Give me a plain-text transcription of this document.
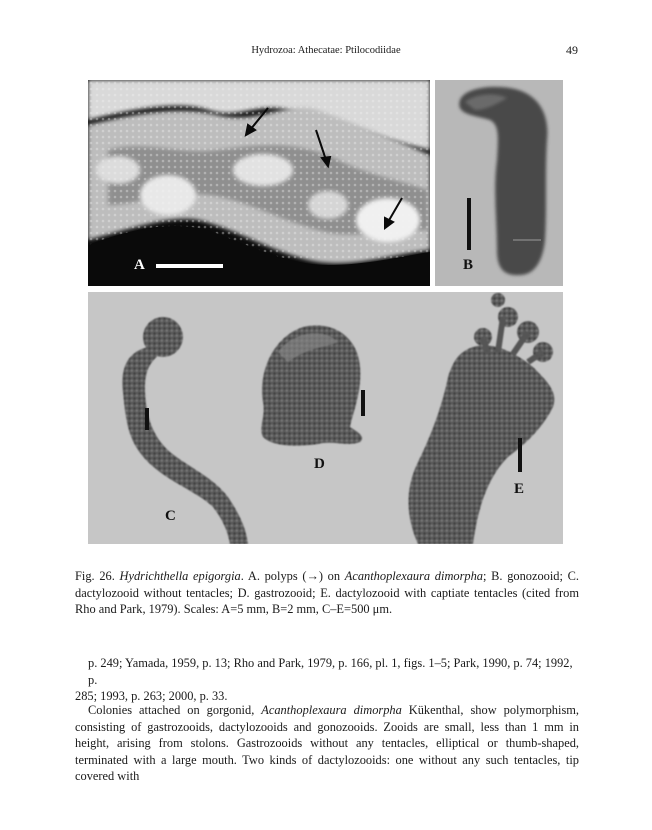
Hydrozoa: Athecatae: Ptilocodiidae	49
A	B
C
D
E
Fig. 26. Hydrichthella epigorgia. A. polyps (→) on Acanthoplexaura dimorpha; B. gonozooid; C. dactylozooid without tentacles; D. gastrozooid; E. dactylozooid with captiate tentacles (cited from Rho and Park, 1979). Scales: A=5 mm, B=2 mm, C–E=500 μm.
p. 249; Yamada, 1959, p. 13; Rho and Park, 1979, p. 166, pl. 1, figs. 1–5; Park, 1990, p. 74; 1992, p.
285; 1993, p. 263; 2000, p. 33.
Colonies attached on gorgonid, Acanthoplexaura dimorpha Kükenthal, show polymorphism, consisting of gastrozooids, dactylozooids and gonozooids. Zooids are small, less than 1 mm in height, arising from stolons. Gastrozooids without any tentacles, elliptical or thumb-shaped, terminated with a large mouth. Two kinds of dactylozooids: one without any such tentacles, tip covered with
